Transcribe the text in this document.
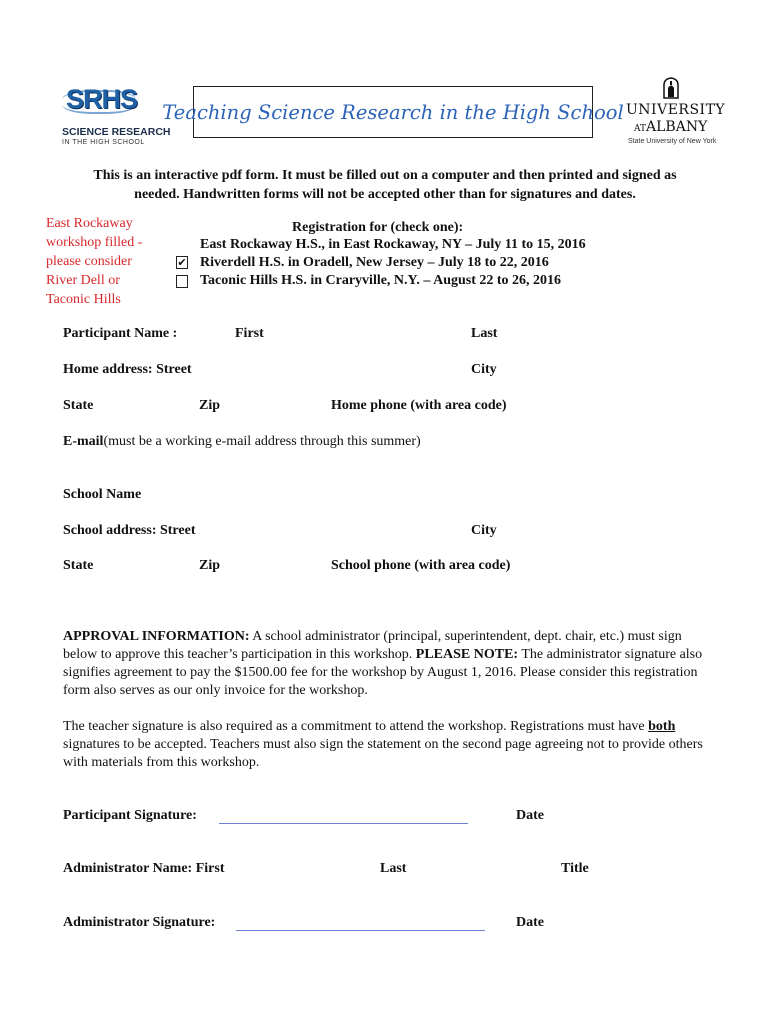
SRHS
SCIENCE RESEARCH
IN THE HIGH SCHOOL
Teaching Science Research in the High School UNIVERSITY
ATALBANY
State University of New York
This is an interactive pdf form. It must be filled out on a computer and then printed and signed as
needed. Handwritten forms will not be accepted other than for signatures and dates.
East Rockaway
workshop filled -
please consider
River Dell or
Taconic Hills
Registration for (check one):
East Rockaway H.S., in East Rockaway, NY – July 11 to 15, 2016
✔ Riverdell H.S. in Oradell, New Jersey – July 18 to 22, 2016
Taconic Hills H.S. in Craryville, N.Y. – August 22 to 26, 2016
Participant Name :	First	Last
Home address: Street	City
State	Zip	Home phone (with area code)
E-mail(must be a working e-mail address through this summer)
School Name
School address: Street	City
State	Zip	School phone (with area code)
APPROVAL INFORMATION: A school administrator (principal, superintendent, dept. chair, etc.) must sign below to approve this teacher’s participation in this workshop. PLEASE NOTE: The administrator signature also signifies agreement to pay the $1500.00 fee for the workshop by August 1, 2016. Please consider this registration form also serves as our only invoice for the workshop.
The teacher signature is also required as a commitment to attend the workshop. Registrations must have both signatures to be accepted. Teachers must also sign the statement on the second page agreeing not to provide others with materials from this workshop.
Participant Signature:	Date
Administrator Name: First	Last	Title
Administrator Signature:	Date
